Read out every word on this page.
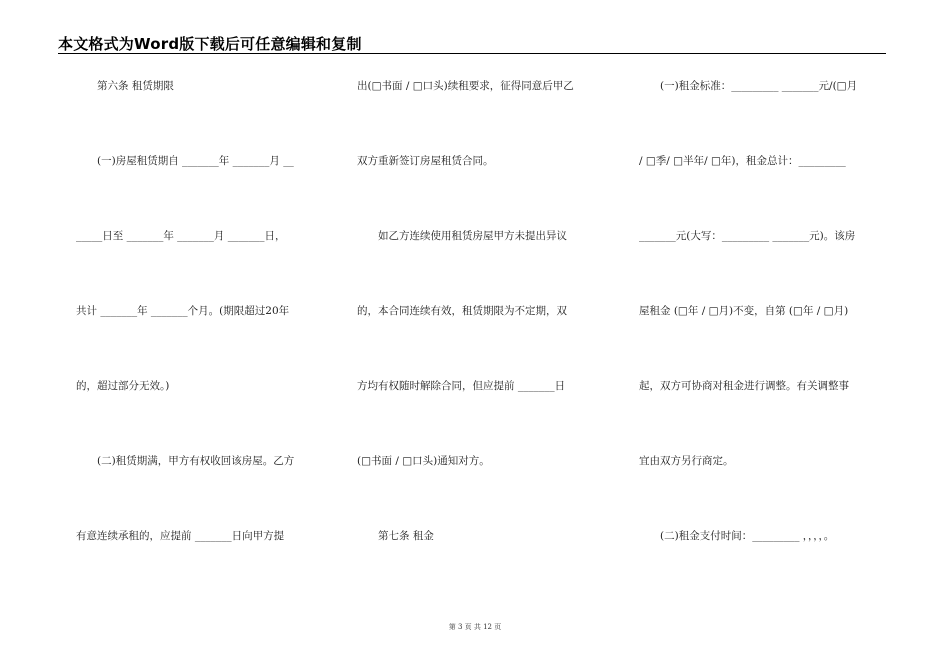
本文格式为Word版下载后可任意编辑和复制
　　第六条 租赁期限
　　(一)房屋租赁期自 _______年 _______月 __
_____日至 _______年 _______月 _______日，
共计 _______年 _______个月。(期限超过20年
的，超过部分无效。)
　　(二)租赁期满，甲方有权收回该房屋。乙方
有意连续承租的，应提前 _______日向甲方提
出(□书面 / □口头)续租要求，征得同意后甲乙
双方重新签订房屋租赁合同。
　　如乙方连续使用租赁房屋甲方未提出异议
的，本合同连续有效，租赁期限为不定期，双
方均有权随时解除合同，但应提前 _______日
(□书面 / □口头)通知对方。
　　第七条 租金
　　(一)租金标准：_________ _______元/(□月
/ □季/ □半年/ □年)，租金总计：_________
_______元(大写：_________ _______元)。该房
屋租金 (□年 / □月)不变，自第 (□年 / □月)
起，双方可协商对租金进行调整。有关调整事
宜由双方另行商定。
　　(二)租金支付时间：_________ ，，，，。
第 3 页 共 12 页
